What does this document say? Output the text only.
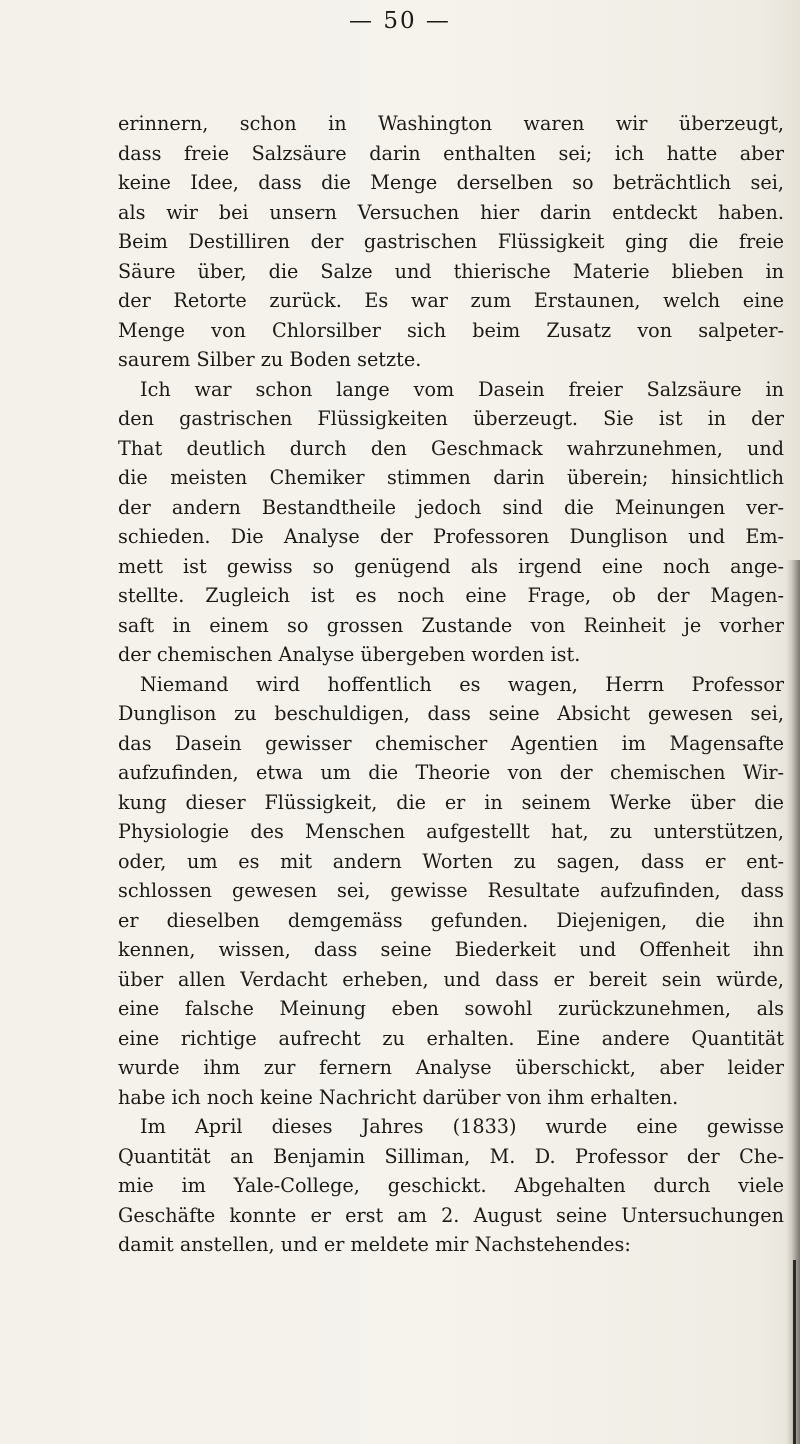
— 50 —
erinnern, schon in Washington waren wir überzeugt,
dass freie Salzsäure darin enthalten sei; ich hatte aber
keine Idee, dass die Menge derselben so beträchtlich sei,
als wir bei unsern Versuchen hier darin entdeckt haben.
Beim Destilliren der gastrischen Flüssigkeit ging die freie
Säure über, die Salze und thierische Materie blieben in
der Retorte zurück. Es war zum Erstaunen, welch eine
Menge von Chlorsilber sich beim Zusatz von salpeter-
saurem Silber zu Boden setzte.
Ich war schon lange vom Dasein freier Salzsäure in
den gastrischen Flüssigkeiten überzeugt. Sie ist in der
That deutlich durch den Geschmack wahrzunehmen, und
die meisten Chemiker stimmen darin überein; hinsichtlich
der andern Bestandtheile jedoch sind die Meinungen ver-
schieden. Die Analyse der Professoren Dunglison und Em-
mett ist gewiss so genügend als irgend eine noch ange-
stellte. Zugleich ist es noch eine Frage, ob der Magen-
saft in einem so grossen Zustande von Reinheit je vorher
der chemischen Analyse übergeben worden ist.
Niemand wird hoffentlich es wagen, Herrn Professor
Dunglison zu beschuldigen, dass seine Absicht gewesen sei,
das Dasein gewisser chemischer Agentien im Magensafte
aufzufinden, etwa um die Theorie von der chemischen Wir-
kung dieser Flüssigkeit, die er in seinem Werke über die
Physiologie des Menschen aufgestellt hat, zu unterstützen,
oder, um es mit andern Worten zu sagen, dass er ent-
schlossen gewesen sei, gewisse Resultate aufzufinden, dass
er dieselben demgemäss gefunden. Diejenigen, die ihn
kennen, wissen, dass seine Biederkeit und Offenheit ihn
über allen Verdacht erheben, und dass er bereit sein würde,
eine falsche Meinung eben sowohl zurückzunehmen, als
eine richtige aufrecht zu erhalten. Eine andere Quantität
wurde ihm zur fernern Analyse überschickt, aber leider
habe ich noch keine Nachricht darüber von ihm erhalten.
Im April dieses Jahres (1833) wurde eine gewisse
Quantität an Benjamin Silliman, M. D. Professor der Che-
mie im Yale-College, geschickt. Abgehalten durch viele
Geschäfte konnte er erst am 2. August seine Untersuchungen
damit anstellen, und er meldete mir Nachstehendes:
